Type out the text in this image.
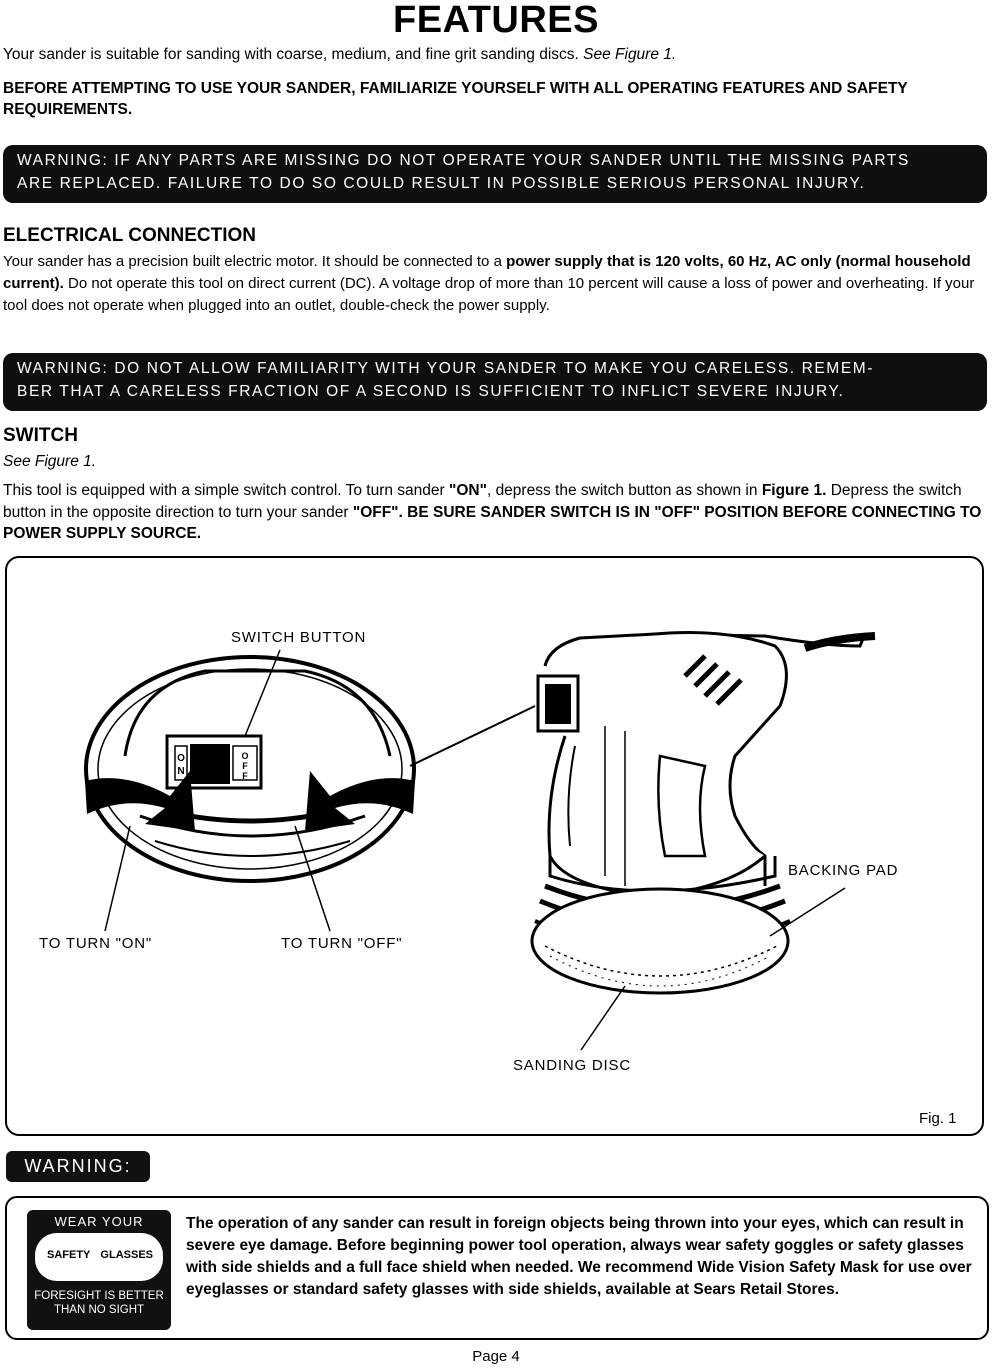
FEATURES
Your sander is suitable for sanding with coarse, medium, and fine grit sanding discs. See Figure 1.
BEFORE ATTEMPTING TO USE YOUR SANDER, FAMILIARIZE YOURSELF WITH ALL OPERATING FEATURES AND SAFETY REQUIREMENTS.
WARNING: IF ANY PARTS ARE MISSING DO NOT OPERATE YOUR SANDER UNTIL THE MISSING PARTS
ARE REPLACED. FAILURE TO DO SO COULD RESULT IN POSSIBLE SERIOUS PERSONAL INJURY.
ELECTRICAL CONNECTION
Your sander has a precision built electric motor. It should be connected to a power supply that is 120 volts, 60 Hz, AC only (normal household current). Do not operate this tool on direct current (DC). A voltage drop of more than 10 percent will cause a loss of power and overheating. If your tool does not operate when plugged into an outlet, double-check the power supply.
WARNING: DO NOT ALLOW FAMILIARITY WITH YOUR SANDER TO MAKE YOU CARELESS. REMEM-
BER THAT A CARELESS FRACTION OF A SECOND IS SUFFICIENT TO INFLICT SEVERE INJURY.
SWITCH
See Figure 1.
This tool is equipped with a simple switch control. To turn sander "ON", depress the switch button as shown in Figure 1. Depress the switch button in the opposite direction to turn your sander "OFF". BE SURE SANDER SWITCH IS IN "OFF" POSITION BEFORE CONNECTING TO POWER SUPPLY SOURCE.
O
N
O
F
F
SWITCH BUTTON
TO TURN "ON"	TO TURN "OFF"
BACKING PAD
SANDING DISC
Fig. 1
WARNING:
WEAR YOUR
SAFETY GLASSES
FORESIGHT IS BETTER
THAN NO SIGHT
The operation of any sander can result in foreign objects being thrown into your eyes, which can result in severe eye damage. Before beginning power tool operation, always wear safety goggles or safety glasses with side shields and a full face shield when needed. We recommend Wide Vision Safety Mask for use over eyeglasses or standard safety glasses with side shields, available at Sears Retail Stores.
Page 4
